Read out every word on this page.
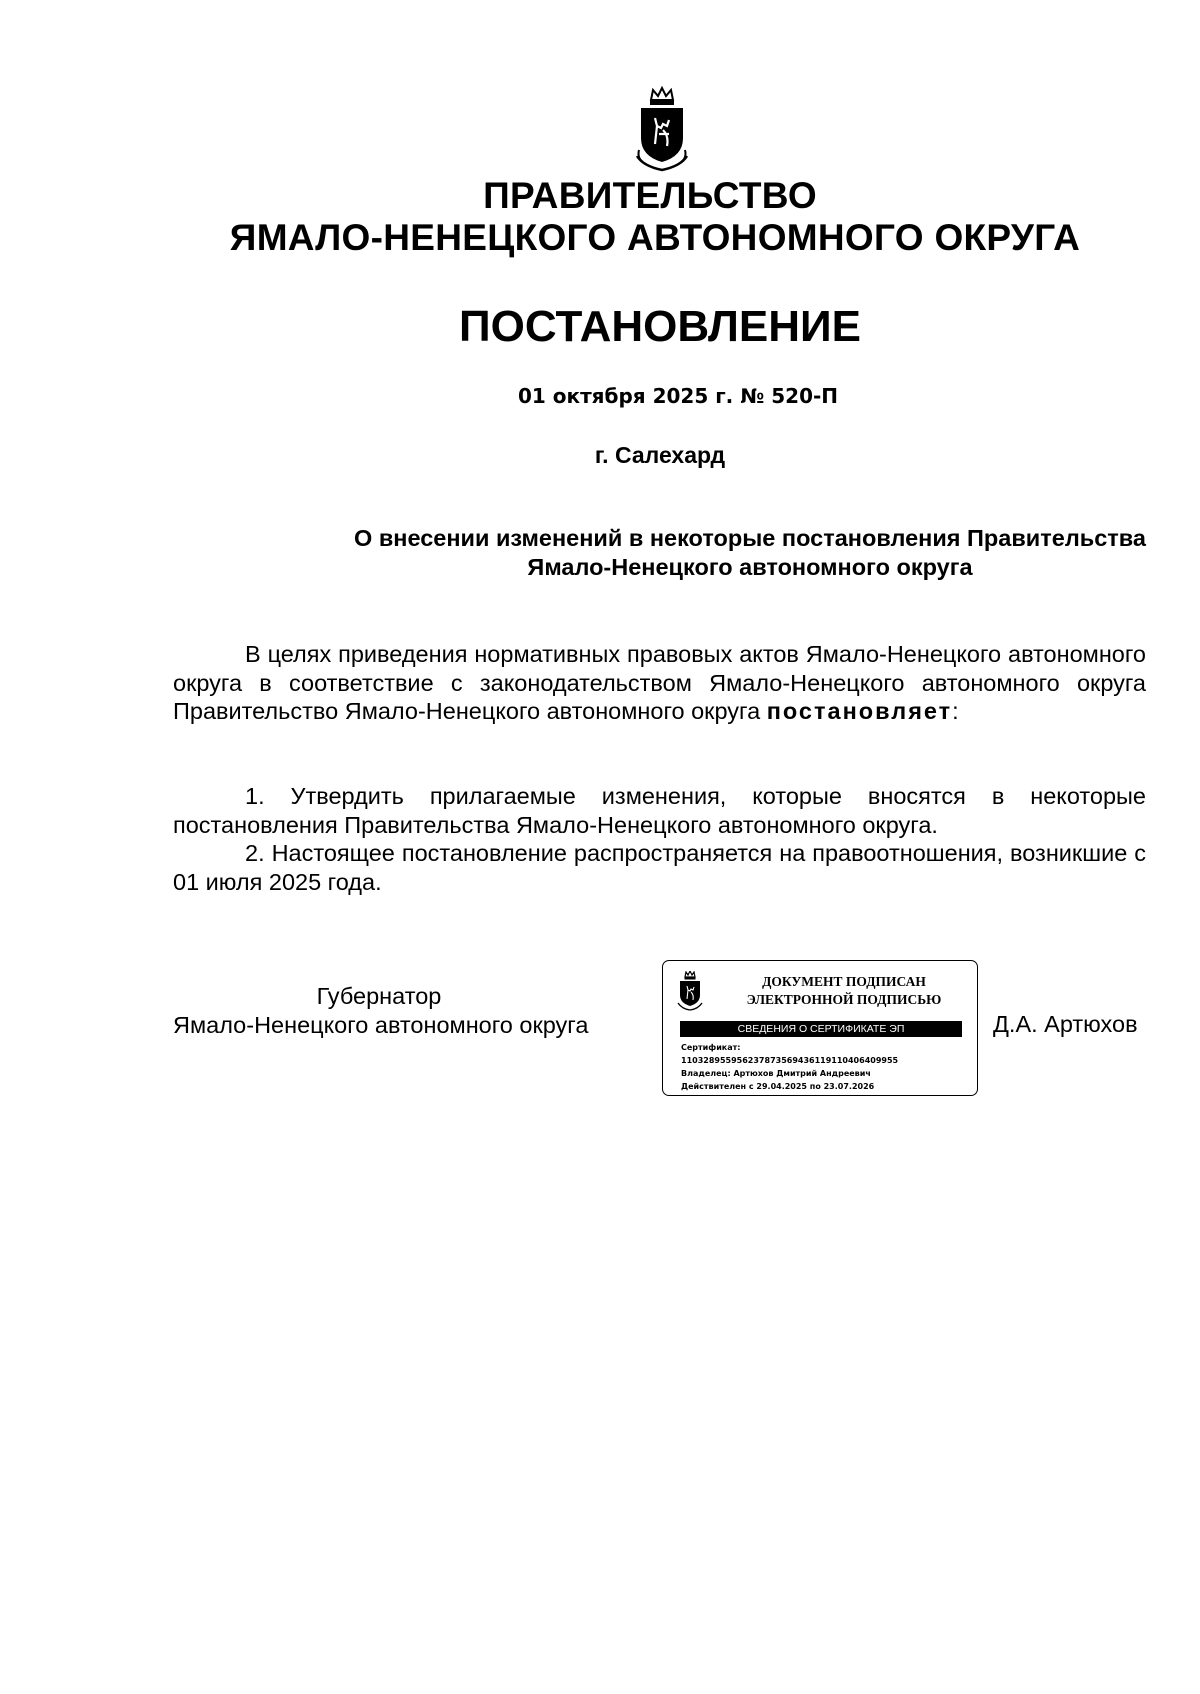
ПРАВИТЕЛЬСТВО
ЯМАЛО-НЕНЕЦКОГО АВТОНОМНОГО ОКРУГА
ПОСТАНОВЛЕНИЕ
01 октября 2025 г. № 520-П
г. Салехард
О внесении изменений в некоторые постановления Правительства
Ямало-Ненецкого автономного округа
В целях приведения нормативных правовых актов Ямало-Ненецкого автономного округа в соответствие с законодательством Ямало-Ненецкого автономного округа Правительство Ямало-Ненецкого автономного округа постановляет:
1. Утвердить прилагаемые изменения, которые вносятся в некоторые постановления Правительства Ямало-Ненецкого автономного округа.
2. Настоящее постановление распространяется на правоотношения, возникшие с 01 июля 2025 года.
Губернатор
Ямало-Ненецкого автономного округа
ДОКУМЕНТ ПОДПИСАН
ЭЛЕКТРОННОЙ ПОДПИСЬЮ
СВЕДЕНИЯ О СЕРТИФИКАТЕ ЭП
Сертификат:
11032895595623787356943611911040640995​5
Владелец: Артюхов Дмитрий Андреевич
Действителен с 29.04.2025 по 23.07.2026
Д.А. Артюхов
